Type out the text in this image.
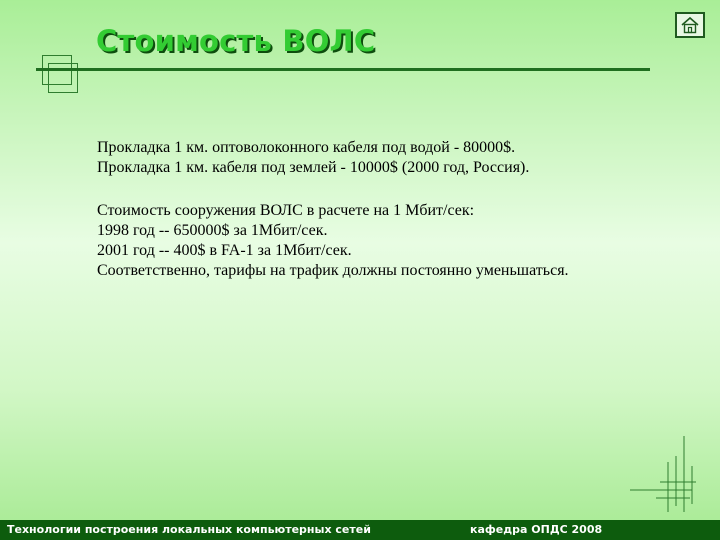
Стоимость ВОЛС
Прокладка 1 км. оптоволоконного кабеля под водой - 80000$.
Прокладка 1 км. кабеля под землей - 10000$ (2000 год, Россия).
Стоимость сооружения ВОЛС в расчете на 1 Мбит/сек:
1998 год -- 650000$ за 1Мбит/сек.
2001 год -- 400$ в FA-1 за 1Мбит/сек.
Соответственно, тарифы на трафик должны постоянно уменьшаться.
Технологии построения локальных компьютерных сетей	кафедра ОПДС 2008
